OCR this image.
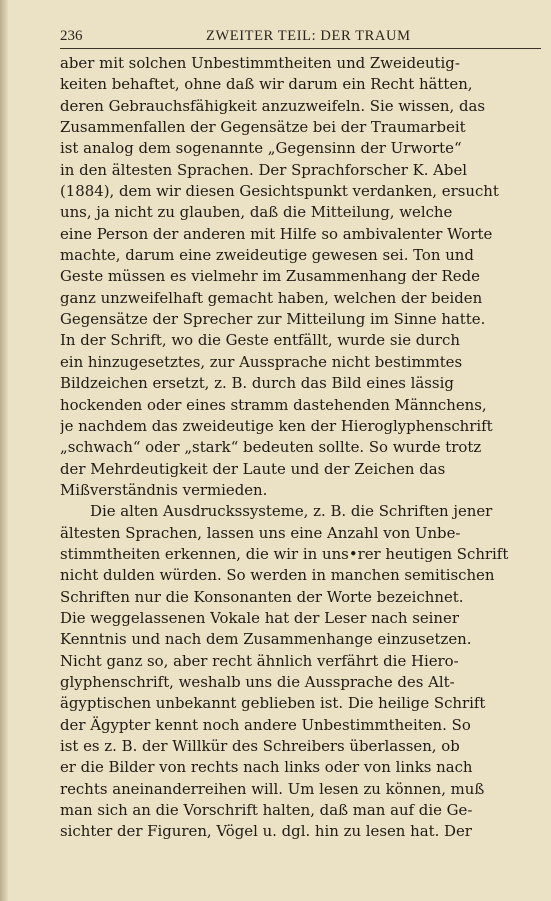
236	ZWEITER TEIL: DER TRAUM
aber mit solchen Unbestimmtheiten und Zweideutig-
keiten behaftet, ohne daß wir darum ein Recht hätten,
deren Gebrauchsfähigkeit anzuzweifeln. Sie wissen, das
Zusammenfallen der Gegensätze bei der Traumarbeit
ist analog dem sogenannte „Gegensinn der Urworte“
in den ältesten Sprachen. Der Sprachforscher K. Abel
(1884), dem wir diesen Gesichtspunkt verdanken, ersucht
uns, ja nicht zu glauben, daß die Mitteilung, welche
eine Person der anderen mit Hilfe so ambivalenter Worte
machte, darum eine zweideutige gewesen sei. Ton und
Geste müssen es vielmehr im Zusammenhang der Rede
ganz unzweifelhaft gemacht haben, welchen der beiden
Gegensätze der Sprecher zur Mitteilung im Sinne hatte.
In der Schrift, wo die Geste entfällt, wurde sie durch
ein hinzugesetztes, zur Aussprache nicht bestimmtes
Bildzeichen ersetzt, z. B. durch das Bild eines lässig
hockenden oder eines stramm dastehenden Männchens,
je nachdem das zweideutige ken der Hieroglyphenschrift
„schwach“ oder „stark“ bedeuten sollte. So wurde trotz
der Mehrdeutigkeit der Laute und der Zeichen das
Mißverständnis vermieden.
Die alten Ausdruckssysteme, z. B. die Schriften jener
ältesten Sprachen, lassen uns eine Anzahl von Unbe-
stimmtheiten erkennen, die wir in uns•rer heutigen Schrift
nicht dulden würden. So werden in manchen semitischen
Schriften nur die Konsonanten der Worte bezeichnet.
Die weggelassenen Vokale hat der Leser nach seiner
Kenntnis und nach dem Zusammenhange einzusetzen.
Nicht ganz so, aber recht ähnlich verfährt die Hiero-
glyphenschrift, weshalb uns die Aussprache des Alt-
ägyptischen unbekannt geblieben ist. Die heilige Schrift
der Ägypter kennt noch andere Unbestimmtheiten. So
ist es z. B. der Willkür des Schreibers überlassen, ob
er die Bilder von rechts nach links oder von links nach
rechts aneinanderreihen will. Um lesen zu können, muß
man sich an die Vorschrift halten, daß man auf die Ge-
sichter der Figuren, Vögel u. dgl. hin zu lesen hat. Der
